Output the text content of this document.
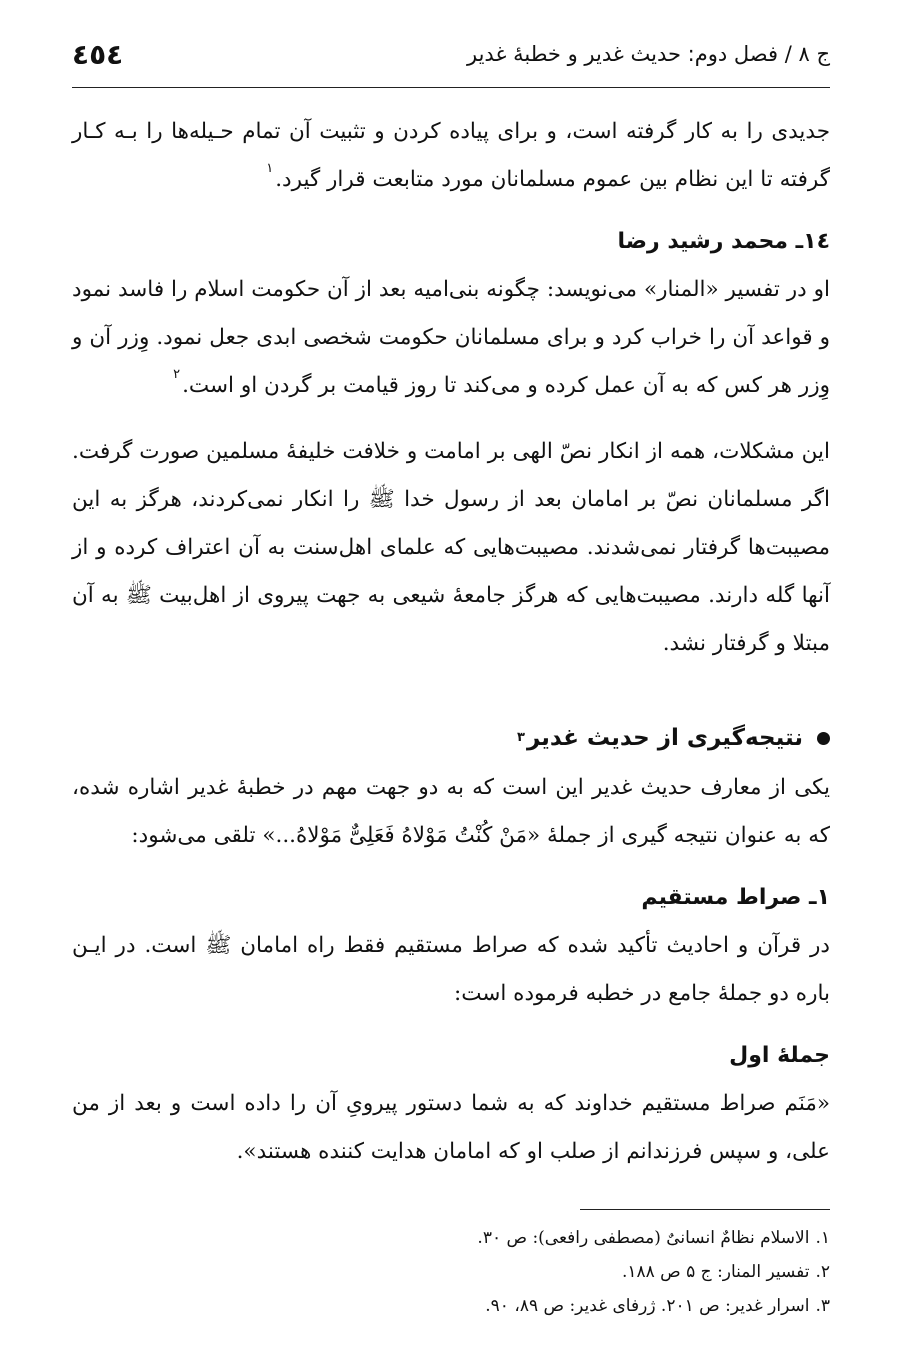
ج ۸ / فصل دوم: حدیث غدیر و خطبهٔ غدیر
٤٥٤

جدیدی را به کار گرفته است، و برای پیاده کردن و تثبیت آن تمام حـیله‌ها را بـه کـار گرفته تا این نظام بین عموم مسلمانان مورد متابعت قرار گیرد.$^۱$

۱٤ـ محمد رشید رضا

او در تفسیر «المنار» می‌نویسد: چگونه بنی‌امیه بعد از آن حکومت اسلام را فاسد نمود و قواعد آن را خراب کرد و برای مسلمانان حکومت شخصی ابدی جعل نمود. وِزر آن و وِزر هر کس که به آن عمل کرده و می‌کند تا روز قیامت بر گردن او است.$^۲$

این مشکلات، همه از انکار نصّ الهی بر امامت و خلافت خلیفهٔ مسلمین صورت گرفت. اگر مسلمانان نصّ بر امامان بعد از رسول خدا ﷺ را انکار نمی‌کردند، هرگز به این مصیبت‌ها گرفتار نمی‌شدند. مصیبت‌هایی که علمای اهل‌سنت به آن اعتراف کرده و از آنها گله دارند. مصیبت‌هایی که هرگز جامعهٔ شیعی به جهت پیروی از اهل‌بیت ﷺ به آن مبتلا و گرفتار نشد.

نتیجه‌گیری از حدیث غدیر
۳

یکی از معارف حدیث غدیر این است که به دو جهت مهم در خطبهٔ غدیر اشاره شده، که به عنوان نتیجه گیری از جملهٔ «مَنْ کُنْتُ مَوْلاهُ فَعَلِیٌّ مَوْلاهُ...» تلقی می‌شود:

۱ـ صراط مستقیم

در قرآن و احادیث تأکید شده که صراط مستقیم فقط راه امامان ﷺ است. در ایـن باره دو جملهٔ جامع در خطبه فرموده است:

جملهٔ اول

«مَنَم صراط مستقیم خداوند که به شما دستور پیرویِ آن را داده است و بعد از من علی، و سپس فرزندانم از صلب او که امامان هدایت کننده هستند».

۱.الاسلام نظامٌ انسانیٌ (مصطفی رافعی): ص ۳۰.
۲.تفسیر المنار: ج ۵ ص ۱۸۸.
۳.اسرار غدیر: ص ۲۰۱. ژرفای غدیر: ص ۸۹، ۹۰.
